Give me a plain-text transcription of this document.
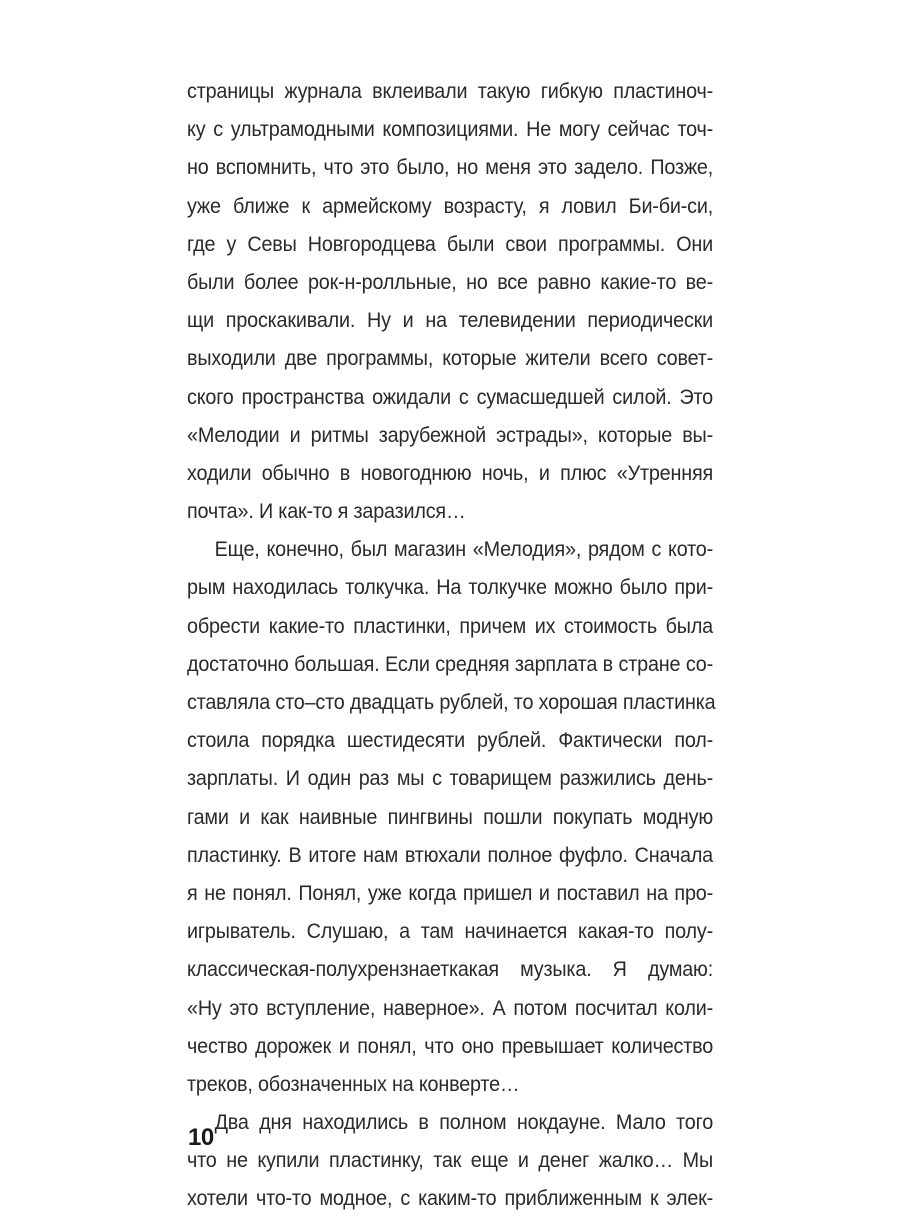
страницы журнала вклеивали такую гибкую пластиноч-
ку с ультрамодными композициями. Не могу сейчас точ-
но вспомнить, что это было, но меня это задело. Позже,
уже ближе к армейскому возрасту, я ловил Би-би-си,
где у Севы Новгородцева были свои программы. Они
были более рок-н-ролльные, но все равно какие-то ве-
щи проскакивали. Ну и на телевидении периодически
выходили две программы, которые жители всего совет-
ского пространства ожидали с сумасшедшей силой. Это
«Мелодии и ритмы зарубежной эстрады», которые вы-
ходили обычно в новогоднюю ночь, и плюс «Утренняя
почта». И как-то я заразился…
Еще, конечно, был магазин «Мелодия», рядом с кото-
рым находилась толкучка. На толкучке можно было при-
обрести какие-то пластинки, причем их стоимость была
достаточно большая. Если средняя зарплата в стране со-
ставляла сто–сто двадцать рублей, то хорошая пластинка
стоила порядка шестидесяти рублей. Фактически пол-
зарплаты. И один раз мы с товарищем разжились день-
гами и как наивные пингвины пошли покупать модную
пластинку. В итоге нам втюхали полное фуфло. Сначала
я не понял. Понял, уже когда пришел и поставил на про-
игрыватель. Слушаю, а там начинается какая-то полу-
классическая-полухрензнаеткакая музыка. Я думаю:
«Ну это вступление, наверное». А потом посчитал коли-
чество дорожек и понял, что оно превышает количество
треков, обозначенных на конверте…
Два дня находились в полном нокдауне. Мало того
что не купили пластинку, так еще и денег жалко… Мы
хотели что-то модное, с каким-то приближенным к элек-
10
